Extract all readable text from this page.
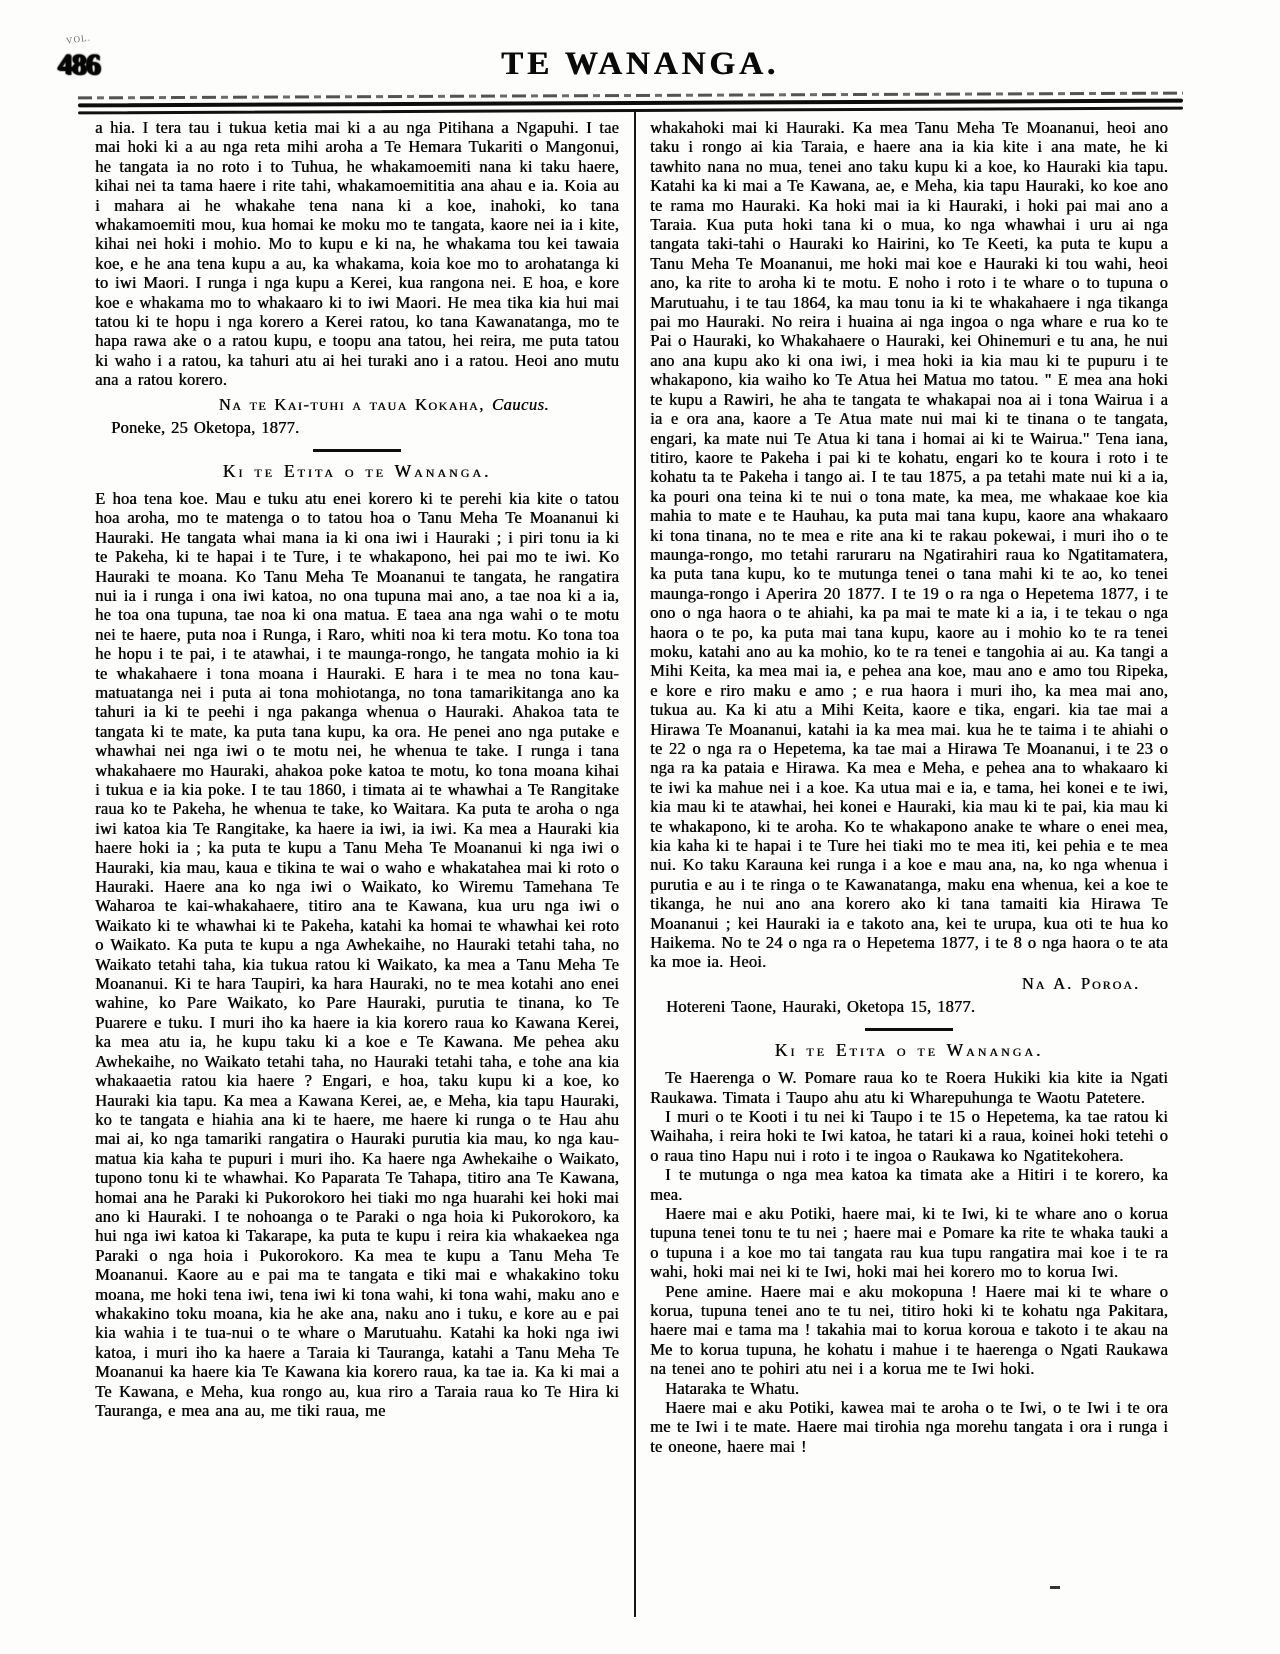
VOL.
486	TE WANANGA.

a hia. I tera tau i tukua ketia mai ki a au nga Pitihana a Ngapuhi. I tae mai hoki ki a au nga reta mihi aroha a Te Hemara Tukariti o Mangonui, he tangata ia no roto i to Tuhua, he whakamoemiti nana ki taku haere, kihai nei ta tama haere i rite tahi, whakamoemititia ana ahau e ia. Koia au i mahara ai he whakahe tena nana ki a koe, inahoki, ko tana whakamoemiti mou, kua homai ke moku mo te tangata, kaore nei ia i kite, kihai nei hoki i mohio. Mo to kupu e ki na, he whakama tou kei tawaia koe, e he ana tena kupu a au, ka whakama, koia koe mo to arohatanga ki to iwi Maori. I runga i nga kupu a Kerei, kua rangona nei. E hoa, e kore koe e whakama mo to whakaaro ki to iwi Maori. He mea tika kia hui mai tatou ki te hopu i nga korero a Kerei ratou, ko tana Kawanatanga, mo te hapa rawa ake o a ratou kupu, e toopu ana tatou, hei reira, me puta tatou ki waho i a ratou, ka tahuri atu ai hei turaki ano i a ratou. Heoi ano mutu ana a ratou korero.

Na te Kai-tuhi a taua Kokaha, Caucus.

Poneke, 25 Oketopa, 1877.

Ki te Etita o te Wananga.

E hoa tena koe. Mau e tuku atu enei korero ki te perehi kia kite o tatou hoa aroha, mo te matenga o to tatou hoa o Tanu Meha Te Moananui ki Hauraki. He tangata whai mana ia ki ona iwi i Hauraki ; i piri tonu ia ki te Pakeha, ki te hapai i te Ture, i te whakapono, hei pai mo te iwi. Ko Hauraki te moana. Ko Tanu Meha Te Moananui te tangata, he rangatira nui ia i runga i ona iwi katoa, no ona tupuna mai ano, a tae noa ki a ia, he toa ona tupuna, tae noa ki ona matua. E taea ana nga wahi o te motu nei te haere, puta noa i Runga, i Raro, whiti noa ki tera motu. Ko tona toa he hopu i te pai, i te atawhai, i te maunga-rongo, he tangata mohio ia ki te whakahaere i tona moana i Hauraki. E hara i te mea no tona kau-matuatanga nei i puta ai tona mohiotanga, no tona tamarikitanga ano ka tahuri ia ki te peehi i nga pakanga whenua o Hauraki. Ahakoa tata te tangata ki te mate, ka puta tana kupu, ka ora. He penei ano nga putake e whawhai nei nga iwi o te motu nei, he whenua te take. I runga i tana whakahaere mo Hauraki, ahakoa poke katoa te motu, ko tona moana kihai i tukua e ia kia poke. I te tau 1860, i timata ai te whawhai a Te Rangitake raua ko te Pakeha, he whenua te take, ko Waitara. Ka puta te aroha o nga iwi katoa kia Te Rangitake, ka haere ia iwi, ia iwi. Ka mea a Hauraki kia haere hoki ia ; ka puta te kupu a Tanu Meha Te Moananui ki nga iwi o Hauraki, kia mau, kaua e tikina te wai o waho e whakatahea mai ki roto o Hauraki. Haere ana ko nga iwi o Waikato, ko Wiremu Tamehana Te Waharoa te kai-whakahaere, titiro ana te Kawana, kua uru nga iwi o Waikato ki te whawhai ki te Pakeha, katahi ka homai te whawhai kei roto o Waikato. Ka puta te kupu a nga Awhekaihe, no Hauraki tetahi taha, no Waikato tetahi taha, kia tukua ratou ki Waikato, ka mea a Tanu Meha Te Moananui. Ki te hara Taupiri, ka hara Hauraki, no te mea kotahi ano enei wahine, ko Pare Waikato, ko Pare Hauraki, purutia te tinana, ko Te Puarere e tuku. I muri iho ka haere ia kia korero raua ko Kawana Kerei, ka mea atu ia, he kupu taku ki a koe e Te Kawana. Me pehea aku Awhekaihe, no Waikato tetahi taha, no Hauraki tetahi taha, e tohe ana kia whakaaetia ratou kia haere ? Engari, e hoa, taku kupu ki a koe, ko Hauraki kia tapu. Ka mea a Kawana Kerei, ae, e Meha, kia tapu Hauraki, ko te tangata e hiahia ana ki te haere, me haere ki runga o te Hau ahu mai ai, ko nga tamariki rangatira o Hauraki purutia kia mau, ko nga kau-matua kia kaha te pupuri i muri iho. Ka haere nga Awhekaihe o Waikato, tupono tonu ki te whawhai. Ko Paparata Te Tahapa, titiro ana Te Kawana, homai ana he Paraki ki Pukorokoro hei tiaki mo nga huarahi kei hoki mai ano ki Hauraki. I te nohoanga o te Paraki o nga hoia ki Pukorokoro, ka hui nga iwi katoa ki Takarape, ka puta te kupu i reira kia whakaekea nga Paraki o nga hoia i Pukorokoro. Ka mea te kupu a Tanu Meha Te Moananui. Kaore au e pai ma te tangata e tiki mai e whakakino toku moana, me hoki tena iwi, tena iwi ki tona wahi, ki tona wahi, maku ano e whakakino toku moana, kia he ake ana, naku ano i tuku, e kore au e pai kia wahia i te tua-nui o te whare o Marutuahu. Katahi ka hoki nga iwi katoa, i muri iho ka haere a Taraia ki Tauranga, katahi a Tanu Meha Te Moananui ka haere kia Te Kawana kia korero raua, ka tae ia. Ka ki mai a Te Kawana, e Meha, kua rongo au, kua riro a Taraia raua ko Te Hira ki Tauranga, e mea ana au, me tiki raua, me

whakahoki mai ki Hauraki. Ka mea Tanu Meha Te Moananui, heoi ano taku i rongo ai kia Taraia, e haere ana ia kia kite i ana mate, he ki tawhito nana no mua, tenei ano taku kupu ki a koe, ko Hauraki kia tapu. Katahi ka ki mai a Te Kawana, ae, e Meha, kia tapu Hauraki, ko koe ano te rama mo Hauraki. Ka hoki mai ia ki Hauraki, i hoki pai mai ano a Taraia. Kua puta hoki tana ki o mua, ko nga whawhai i uru ai nga tangata taki-tahi o Hauraki ko Hairini, ko Te Keeti, ka puta te kupu a Tanu Meha Te Moananui, me hoki mai koe e Hauraki ki tou wahi, heoi ano, ka rite to aroha ki te motu. E noho i roto i te whare o to tupuna o Marutuahu, i te tau 1864, ka mau tonu ia ki te whakahaere i nga tikanga pai mo Hauraki. No reira i huaina ai nga ingoa o nga whare e rua ko te Pai o Hauraki, ko Whakahaere o Hauraki, kei Ohinemuri e tu ana, he nui ano ana kupu ako ki ona iwi, i mea hoki ia kia mau ki te pupuru i te whakapono, kia waiho ko Te Atua hei Matua mo tatou. " E mea ana hoki te kupu a Rawiri, he aha te tangata te whakapai noa ai i tona Wairua i a ia e ora ana, kaore a Te Atua mate nui mai ki te tinana o te tangata, engari, ka mate nui Te Atua ki tana i homai ai ki te Wairua." Tena iana, titiro, kaore te Pakeha i pai ki te kohatu, engari ko te koura i roto i te kohatu ta te Pakeha i tango ai. I te tau 1875, a pa tetahi mate nui ki a ia, ka pouri ona teina ki te nui o tona mate, ka mea, me whakaae koe kia mahia to mate e te Hauhau, ka puta mai tana kupu, kaore ana whakaaro ki tona tinana, no te mea e rite ana ki te rakau pokewai, i muri iho o te maunga-rongo, mo tetahi raruraru na Ngatirahiri raua ko Ngatitamatera, ka puta tana kupu, ko te mutunga tenei o tana mahi ki te ao, ko tenei maunga-rongo i Aperira 20 1877. I te 19 o ra nga o Hepetema 1877, i te ono o nga haora o te ahiahi, ka pa mai te mate ki a ia, i te tekau o nga haora o te po, ka puta mai tana kupu, kaore au i mohio ko te ra tenei moku, katahi ano au ka mohio, ko te ra tenei e tangohia ai au. Ka tangi a Mihi Keita, ka mea mai ia, e pehea ana koe, mau ano e amo tou Ripeka, e kore e riro maku e amo ; e rua haora i muri iho, ka mea mai ano, tukua au. Ka ki atu a Mihi Keita, kaore e tika, engari. kia tae mai a Hirawa Te Moananui, katahi ia ka mea mai. kua he te taima i te ahiahi o te 22 o nga ra o Hepetema, ka tae mai a Hirawa Te Moananui, i te 23 o nga ra ka pataia e Hirawa. Ka mea e Meha, e pehea ana to whakaaro ki te iwi ka mahue nei i a koe. Ka utua mai e ia, e tama, hei konei e te iwi, kia mau ki te atawhai, hei konei e Hauraki, kia mau ki te pai, kia mau ki te whakapono, ki te aroha. Ko te whakapono anake te whare o enei mea, kia kaha ki te hapai i te Ture hei tiaki mo te mea iti, kei pehia e te mea nui. Ko taku Karauna kei runga i a koe e mau ana, na, ko nga whenua i purutia e au i te ringa o te Kawanatanga, maku ena whenua, kei a koe te tikanga, he nui ano ana korero ako ki tana tamaiti kia Hirawa Te Moananui ; kei Hauraki ia e takoto ana, kei te urupa, kua oti te hua ko Haikema. No te 24 o nga ra o Hepetema 1877, i te 8 o nga haora o te ata ka moe ia. Heoi.

Na A. Poroa.

Hotereni Taone, Hauraki, Oketopa 15, 1877.

Ki te Etita o te Wananga.

Te Haerenga o W. Pomare raua ko te Roera Hukiki kia kite ia Ngati Raukawa. Timata i Taupo ahu atu ki Wharepuhunga te Waotu Patetere.

I muri o te Kooti i tu nei ki Taupo i te 15 o Hepetema, ka tae ratou ki Waihaha, i reira hoki te Iwi katoa, he tatari ki a raua, koinei hoki tetehi o o raua tino Hapu nui i roto i te ingoa o Raukawa ko Ngatitekohera.

I te mutunga o nga mea katoa ka timata ake a Hitiri i te korero, ka mea.

Haere mai e aku Potiki, haere mai, ki te Iwi, ki te whare ano o korua tupuna tenei tonu te tu nei ; haere mai e Pomare ka rite te whaka tauki a o tupuna i a koe mo tai tangata rau kua tupu rangatira mai koe i te ra wahi, hoki mai nei ki te Iwi, hoki mai hei korero mo to korua Iwi.

Pene amine. Haere mai e aku mokopuna ! Haere mai ki te whare o korua, tupuna tenei ano te tu nei, titiro hoki ki te kohatu nga Pakitara, haere mai e tama ma ! takahia mai to korua koroua e takoto i te akau na Me to korua tupuna, he kohatu i mahue i te haerenga o Ngati Raukawa na tenei ano te pohiri atu nei i a korua me te Iwi hoki.

Hataraka te Whatu.

Haere mai e aku Potiki, kawea mai te aroha o te Iwi, o te Iwi i te ora me te Iwi i te mate. Haere mai tirohia nga morehu tangata i ora i runga i te oneone, haere mai !
